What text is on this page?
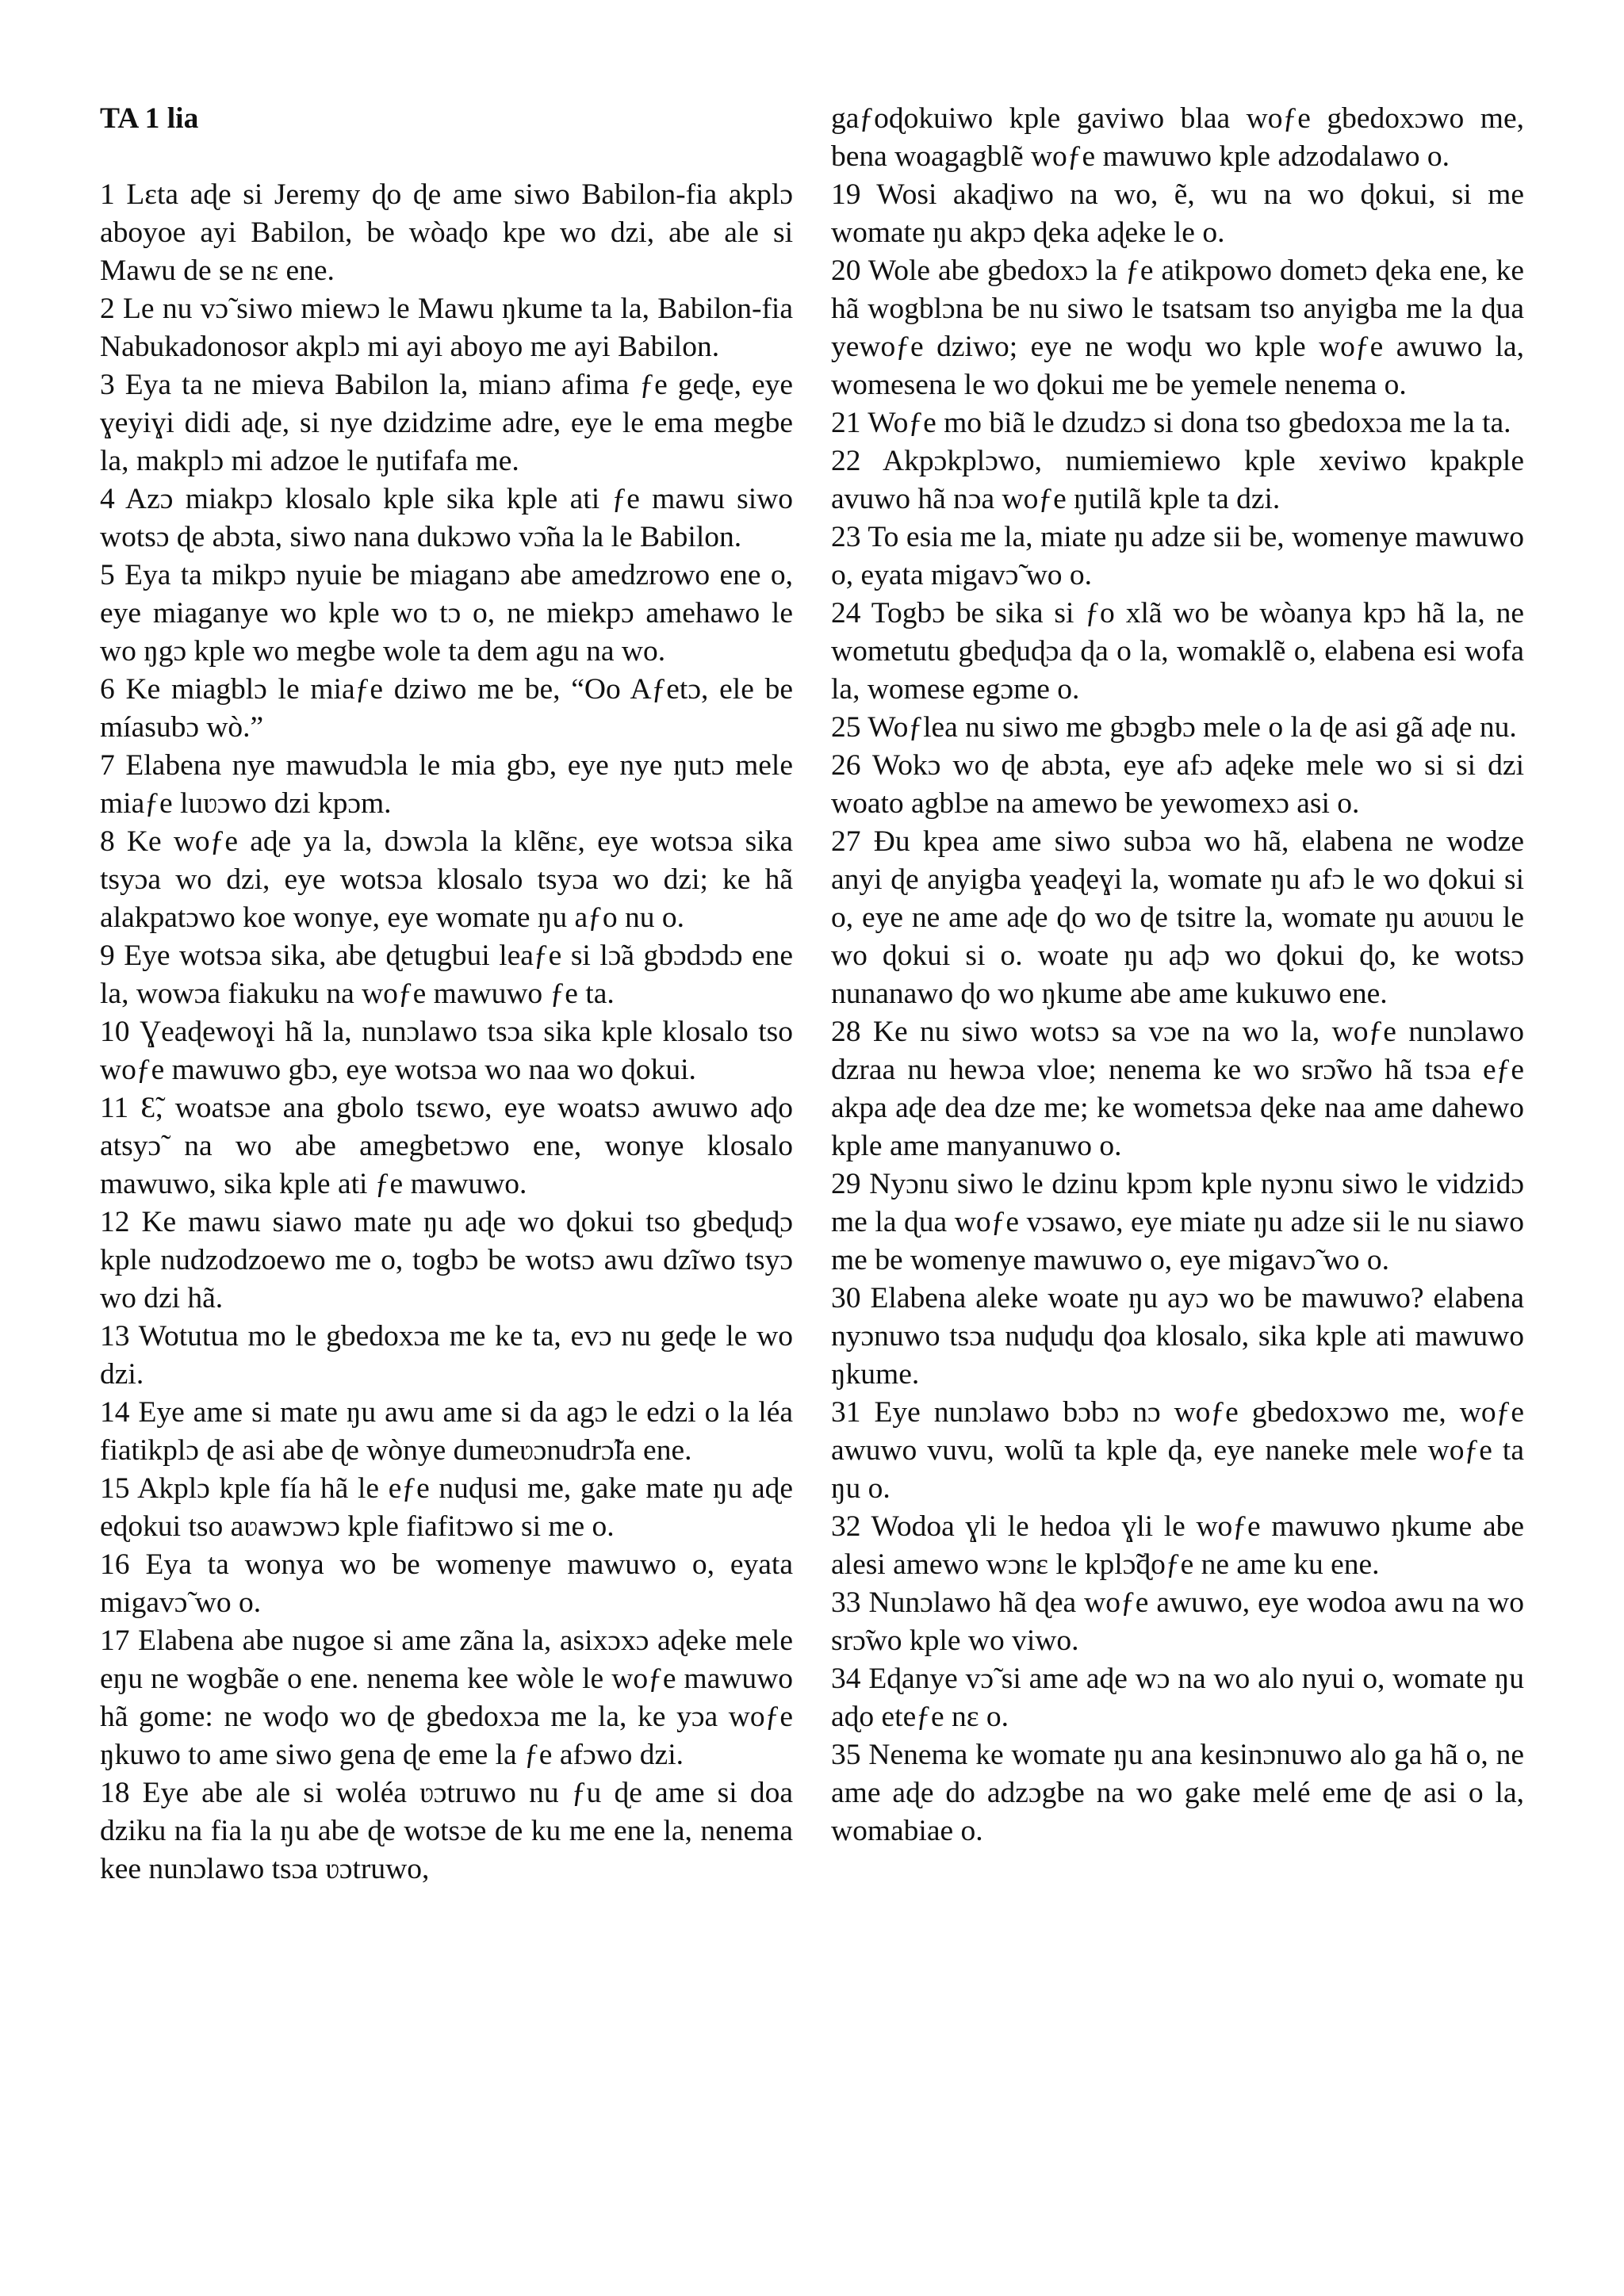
TA 1 lia

1 Lɛta aɖe si Jeremy ɖo ɖe ame siwo Babilon-fia akplɔ aboyoe ayi Babilon, be wòaɖo kpe wo dzi, abe ale si Mawu de se nɛ ene.

2 Le nu vɔ̃ siwo miewɔ le Mawu ŋkume ta la, Babilon-fia Nabukadonosor akplɔ mi ayi aboyo me ayi Babilon.

3 Eya ta ne mieva Babilon la, mianɔ afima ƒe geɖe, eye ɣeyiɣi didi aɖe, si nye dzidzime adre, eye le ema megbe la, makplɔ mi adzoe le ŋutifafa me.

4 Azɔ miakpɔ klosalo kple sika kple ati ƒe mawu siwo wotsɔ ɖe abɔta, siwo nana dukɔwo vɔ̃na la le Babilon.

5 Eya ta mikpɔ nyuie be miaganɔ abe amedzrowo ene o, eye miaganye wo kple wo tɔ o, ne miekpɔ amehawo le wo ŋgɔ kple wo megbe wole ta dem agu na wo.

6 Ke miagblɔ le miaƒe dziwo me be, “Oo Aƒetɔ, ele be míasubɔ wò.”

7 Elabena nye mawudɔla le mia gbɔ, eye nye ŋutɔ mele miaƒe luʋɔwo dzi kpɔm.

8 Ke woƒe aɖe ya la, dɔwɔla la klẽnɛ, eye wotsɔa sika tsyɔa wo dzi, eye wotsɔa klosalo tsyɔa wo dzi; ke hã alakpatɔwo koe wonye, eye womate ŋu aƒo nu o.

9 Eye wotsɔa sika, abe ɖetugbui leaƒe si lɔ̃a gbɔdɔdɔ ene la, wowɔa fiakuku na woƒe mawuwo ƒe ta.

10 Ɣeaɖewoɣi hã la, nunɔlawo tsɔa sika kple klosalo tso woƒe mawuwo gbɔ, eye wotsɔa wo naa wo ɖokui.

11 Ɛ̃, woatsɔe ana gbolo tsɛwo, eye woatsɔ awuwo aɖo atsyɔ̃ na wo abe amegbetɔwo ene, wonye klosalo mawuwo, sika kple ati ƒe mawuwo.

12 Ke mawu siawo mate ŋu aɖe wo ɖokui tso gbeɖuɖɔ kple nudzodzoewo me o, togbɔ be wotsɔ awu dzĩwo tsyɔ wo dzi hã.

13 Wotutua mo le gbedoxɔa me ke ta, evɔ nu geɖe le wo dzi.

14 Eye ame si mate ŋu awu ame si da agɔ le edzi o la léa fiatikplɔ ɖe asi abe ɖe wònye dumeʋɔnudrɔ̃la ene.

15 Akplɔ kple fía hã le eƒe nuɖusi me, gake mate ŋu aɖe eɖokui tso aʋawɔwɔ kple fiafitɔwo si me o.

16 Eya ta wonya wo be womenye mawuwo o, eyata migavɔ̃ wo o.

17 Elabena abe nugoe si ame zãna la, asixɔxɔ aɖeke mele eŋu ne wogbãe o ene. nenema kee wòle le woƒe mawuwo hã gome: ne woɖo wo ɖe gbedoxɔa me la, ke yɔa woƒe ŋkuwo to ame siwo gena ɖe eme la ƒe afɔwo dzi.

18 Eye abe ale si woléa ʋɔtruwo nu ƒu ɖe ame si doa dziku na fia la ŋu abe ɖe wotsɔe de ku me ene la, nenema kee nunɔlawo tsɔa ʋɔtruwo,

gaƒoɖokuiwo kple gaviwo blaa woƒe gbedoxɔwo me, bena woagagblẽ woƒe mawuwo kple adzodalawo o.

19 Wosi akaɖiwo na wo, ẽ, wu na wo ɖokui, si me womate ŋu akpɔ ɖeka aɖeke le o.

20 Wole abe gbedoxɔ la ƒe atikpowo dometɔ ɖeka ene, ke hã wogblɔna be nu siwo le tsatsam tso anyigba me la ɖua yewoƒe dziwo; eye ne woɖu wo kple woƒe awuwo la, womesena le wo ɖokui me be yemele nenema o.

21 Woƒe mo biã le dzudzɔ si dona tso gbedoxɔa me la ta.

22 Akpɔkplɔwo, numiemiewo kple xeviwo kpakple avuwo hã nɔa woƒe ŋutilã kple ta dzi.

23 To esia me la, miate ŋu adze sii be, womenye mawuwo o, eyata migavɔ̃ wo o.

24 Togbɔ be sika si ƒo xlã wo be wòanya kpɔ hã la, ne wometutu gbeɖuɖɔa ɖa o la, womaklẽ o, elabena esi wofa la, womese egɔme o.

25 Woƒlea nu siwo me gbɔgbɔ mele o la ɖe asi gã aɖe nu.

26 Wokɔ wo ɖe abɔta, eye afɔ aɖeke mele wo si si dzi woato agblɔe na amewo be yewomexɔ asi o.

27 Ɖu kpea ame siwo subɔa wo hã, elabena ne wodze anyi ɖe anyigba ɣeaɖeɣi la, womate ŋu afɔ le wo ɖokui si o, eye ne ame aɖe ɖo wo ɖe tsitre la, womate ŋu aʋuʋu le wo ɖokui si o. woate ŋu aɖɔ wo ɖokui ɖo, ke wotsɔ nunanawo ɖo wo ŋkume abe ame kukuwo ene.

28 Ke nu siwo wotsɔ sa vɔe na wo la, woƒe nunɔlawo dzraa nu hewɔa vloe; nenema ke wo srɔ̃wo hã tsɔa eƒe akpa aɖe dea dze me; ke wometsɔa ɖeke naa ame dahewo kple ame manyanuwo o.

29 Nyɔnu siwo le dzinu kpɔm kple nyɔnu siwo le vidzidɔ me la ɖua woƒe vɔsawo, eye miate ŋu adze sii le nu siawo me be womenye mawuwo o, eye migavɔ̃ wo o.

30 Elabena aleke woate ŋu ayɔ wo be mawuwo? elabena nyɔnuwo tsɔa nuɖuɖu ɖoa klosalo, sika kple ati mawuwo ŋkume.

31 Eye nunɔlawo bɔbɔ nɔ woƒe gbedoxɔwo me, woƒe awuwo vuvu, wolũ ta kple ɖa, eye naneke mele woƒe ta ŋu o.

32 Wodoa ɣli le hedoa ɣli le woƒe mawuwo ŋkume abe alesi amewo wɔnɛ le kplɔ̃ɖoƒe ne ame ku ene.

33 Nunɔlawo hã ɖea woƒe awuwo, eye wodoa awu na wo srɔ̃wo kple wo viwo.

34 Eɖanye vɔ̃ si ame aɖe wɔ na wo alo nyui o, womate ŋu aɖo eteƒe nɛ o.

35 Nenema ke womate ŋu ana kesinɔnuwo alo ga hã o, ne ame aɖe do adzɔgbe na wo gake melé eme ɖe asi o la, womabiae o.
